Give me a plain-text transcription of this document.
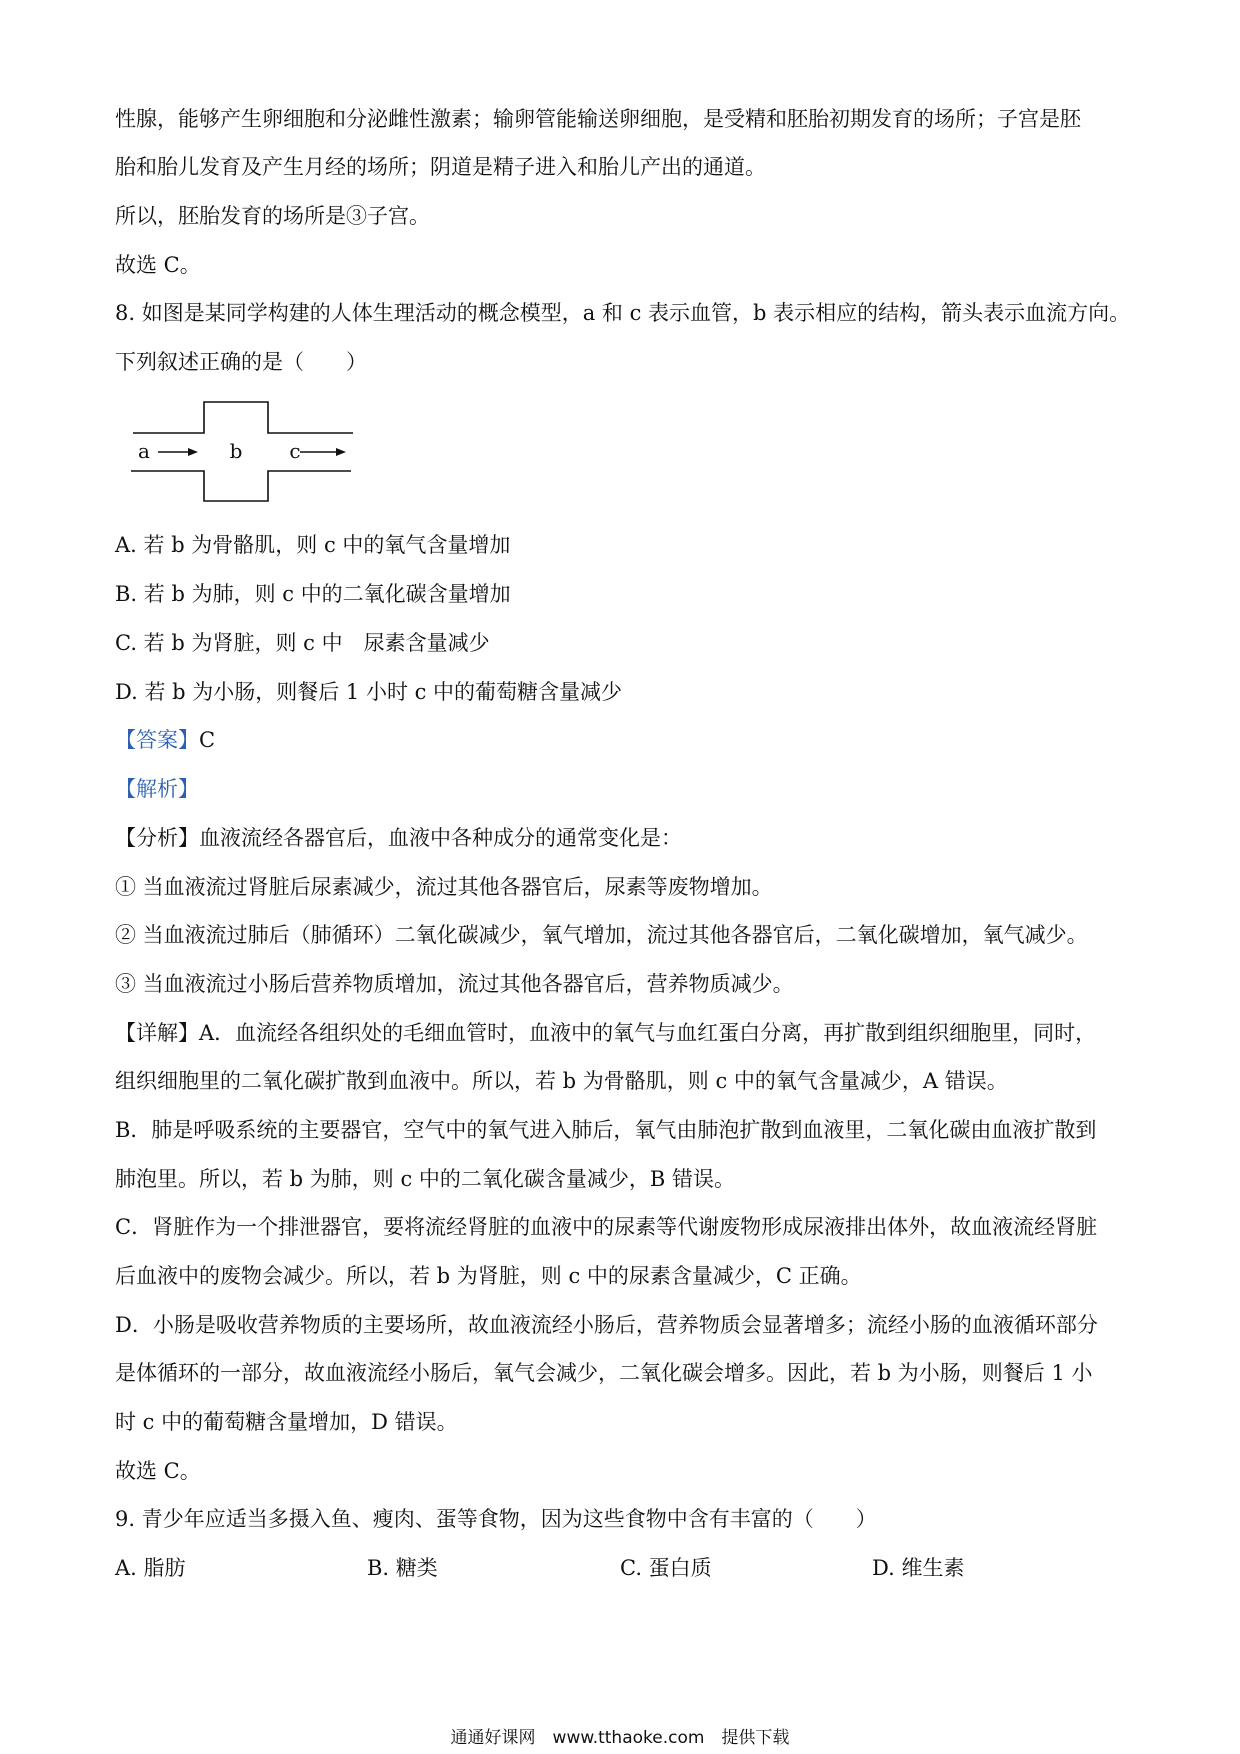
性腺，能够产生卵细胞和分泌雌性激素；输卵管能输送卵细胞，是受精和胚胎初期发育的场所；子宫是胚
胎和胎儿发育及产生月经的场所；阴道是精子进入和胎儿产出的通道。
所以，胚胎发育的场所是③子宫。
故选 C。
8. 如图是某同学构建的人体生理活动的概念模型，a 和 c 表示血管，b 表示相应的结构，箭头表示血流方向。
下列叙述正确的是（　　）
a	b c
A. 若 b 为骨骼肌，则 c 中的氧气含量增加
B. 若 b 为肺，则 c 中的二氧化碳含量增加
C. 若 b 为肾脏，则 c 中　尿素含量减少
D. 若 b 为小肠，则餐后 1 小时 c 中的葡萄糖含量减少
【答案】C
【解析】
【分析】血液流经各器官后，血液中各种成分的通常变化是：
① 当血液流过肾脏后尿素减少，流过其他各器官后，尿素等废物增加。
② 当血液流过肺后（肺循环）二氧化碳减少，氧气增加，流过其他各器官后，二氧化碳增加，氧气减少。
③ 当血液流过小肠后营养物质增加，流过其他各器官后，营养物质减少。
【详解】A．血流经各组织处的毛细血管时，血液中的氧气与血红蛋白分离，再扩散到组织细胞里，同时，
组织细胞里的二氧化碳扩散到血液中。所以，若 b 为骨骼肌，则 c 中的氧气含量减少，A 错误。
B．肺是呼吸系统的主要器官，空气中的氧气进入肺后，氧气由肺泡扩散到血液里，二氧化碳由血液扩散到
肺泡里。所以，若 b 为肺，则 c 中的二氧化碳含量减少，B 错误。
C．肾脏作为一个排泄器官，要将流经肾脏的血液中的尿素等代谢废物形成尿液排出体外，故血液流经肾脏
后血液中的废物会减少。所以，若 b 为肾脏，则 c 中的尿素含量减少，C 正确。
D．小肠是吸收营养物质的主要场所，故血液流经小肠后，营养物质会显著增多；流经小肠的血液循环部分
是体循环的一部分，故血液流经小肠后，氧气会减少，二氧化碳会增多。因此，若 b 为小肠，则餐后 1 小
时 c 中的葡萄糖含量增加，D 错误。
故选 C。
9. 青少年应适当多摄入鱼、瘦肉、蛋等食物，因为这些食物中含有丰富的（　　）
A. 脂肪	B. 糖类	C. 蛋白质	D. 维生素
通通好课网　www.tthaoke.com　提供下载
